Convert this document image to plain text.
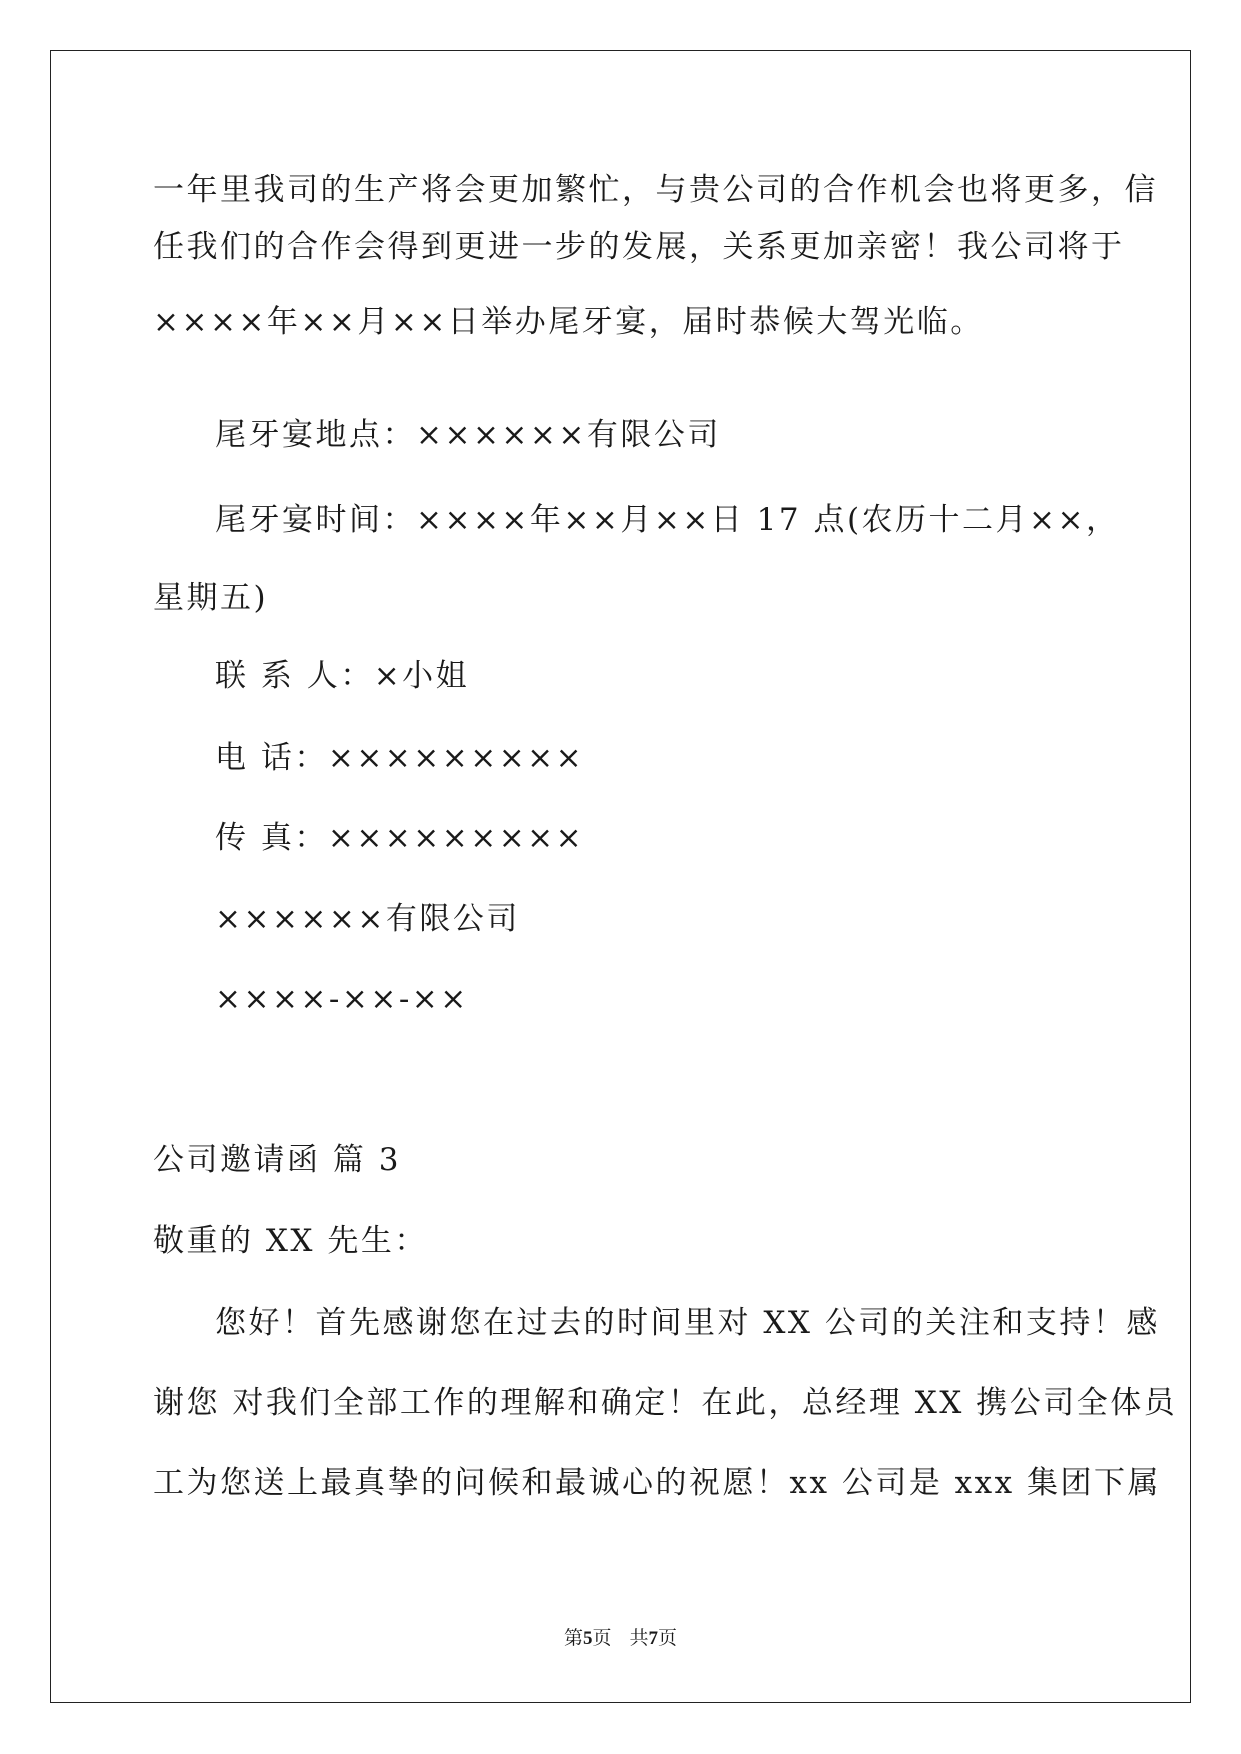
一年里我司的生产将会更加繁忙，与贵公司的合作机会也将更多，信
任我们的合作会得到更进一步的发展，关系更加亲密！我公司将于
××××年××月××日举办尾牙宴，届时恭候大驾光临。
尾牙宴地点：××××××有限公司
尾牙宴时间：××××年××月××日 17 点(农历十二月××，
星期五)
联 系 人：×小姐
电 话：×××××××××
传 真：×××××××××
××××××有限公司
××××-××-××
公司邀请函 篇 3
敬重的 XX 先生：
您好！首先感谢您在过去的时间里对 XX 公司的关注和支持！感
谢您 对我们全部工作的理解和确定！在此，总经理 XX 携公司全体员
工为您送上最真挚的问候和最诚心的祝愿！xx 公司是 xxx 集团下属
第5页 共7页
